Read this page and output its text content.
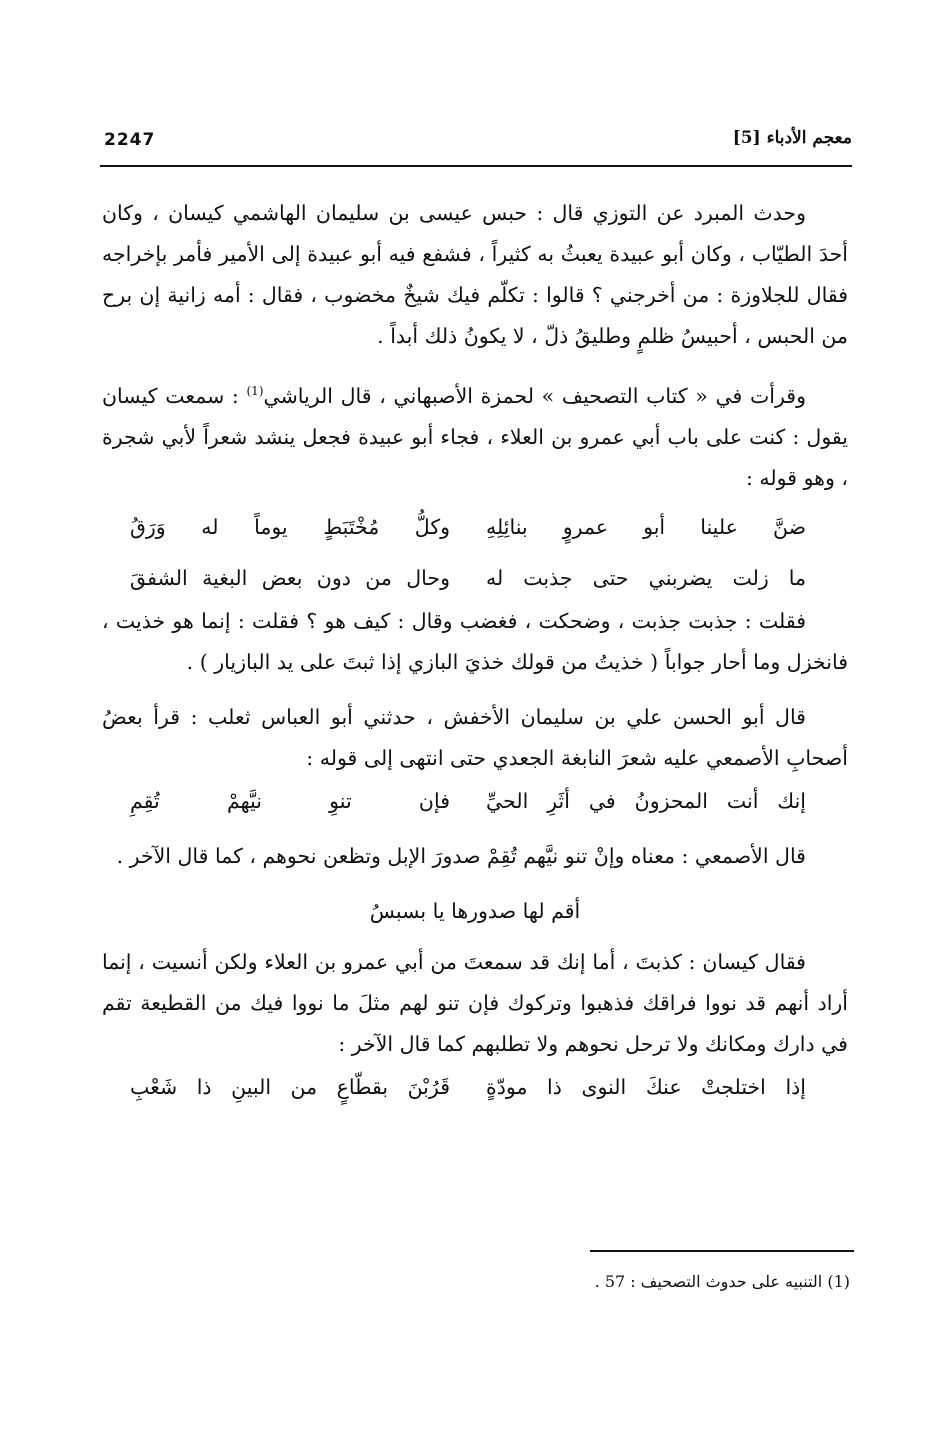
2247	معجم الأدباء [5]

وحدث المبرد عن التوزي قال : حبس عيسى بن سليمان الهاشمي كيسان ، وكان أحدَ الطيّاب ، وكان أبو عبيدة يعبثُ به كثيراً ، فشفع فيه أبو عبيدة إلى الأمير فأمر بإخراجه فقال للجلاوزة : من أخرجني ؟ قالوا : تكلّم فيك شيخٌ مخضوب ، فقال : أمه زانية إن برح من الحبس ، أحبيسُ ظلمٍ وطليقُ ذلّ ، لا يكونُ ذلك أبداً .

وقرأت في « كتاب التصحيف » لحمزة الأصبهاني ، قال الرياشي$^{(1)}$ : سمعت كيسان يقول : كنت على باب أبي عمرو بن العلاء ، فجاء أبو عبيدة فجعل ينشد شعراً لأبي شجرة ، وهو قوله :

ضنَّ علينا أبو عمروٍ بنائِلِهِ
وكلُّ مُخْتَبَطٍ يوماً له وَرَقُ
ما زلت يضربني حتى جذبت له
وحال من دون بعض البغية الشفقَ

فقلت : جذبت جذبت ، وضحكت ، فغضب وقال : كيف هو ؟ فقلت : إنما هو خذيت ، فانخزل وما أحار جواباً ( خذيتُ من قولك خذيَ البازي إذا ثبتَ على يد البازيار ) .

قال أبو الحسن علي بن سليمان الأخفش ، حدثني أبو العباس ثعلب : قرأ بعضُ أصحابِ الأصمعي عليه شعرَ النابغة الجعدي حتى انتهى إلى قوله :

إنك أنت المحزونُ في أثَرِ الحيِّ
فإن تنوِ نيَّهمْ تُقِمِ

قال الأصمعي : معناه وإنْ تنو نيَّهم تُقِمْ صدورَ الإبل وتظعن نحوهم ، كما قال الآخر .

أقم لها صدورها يا بسبسُ

فقال كيسان : كذبتَ ، أما إنك قد سمعتَ من أبي عمرو بن العلاء ولكن أنسيت ، إنما أراد أنهم قد نووا فراقك فذهبوا وتركوك فإن تنو لهم مثلَ ما نووا فيك من القطيعة تقم في دارك ومكانك ولا ترحل نحوهم ولا تطلبهم كما قال الآخر :

إذا اختلجتْ عنكَ النوى ذا مودّةٍ
قَرُبْنَ بقطّاعٍ من البينِ ذا شَعْبِ
(1) التنبيه على حدوث التصحيف : 57 .
